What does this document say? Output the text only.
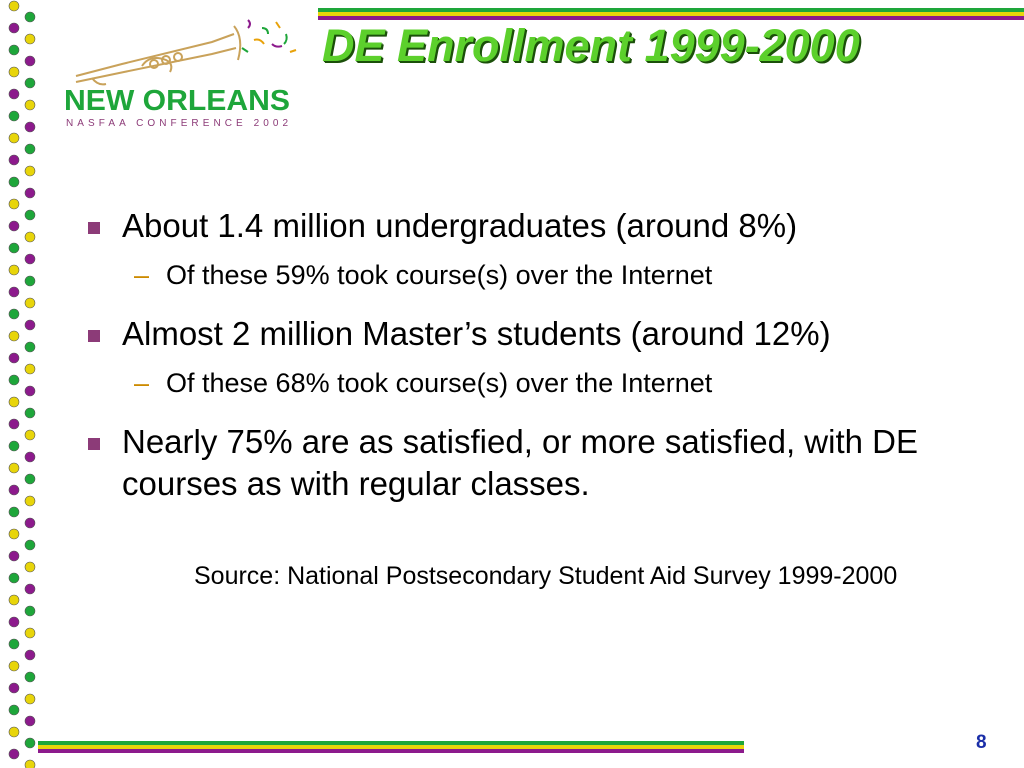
NEW ORLEANS
NASFAA CONFERENCE 2002
DE Enrollment 1999-2000
About 1.4 million undergraduates (around 8%)
– Of these 59% took course(s) over the Internet
Almost 2 million Master’s students (around 12%)
– Of these 68% took course(s) over the Internet
Nearly 75% are as satisfied, or more satisfied, with DE courses as with regular classes.
Source: National Postsecondary Student Aid Survey 1999-2000
8
